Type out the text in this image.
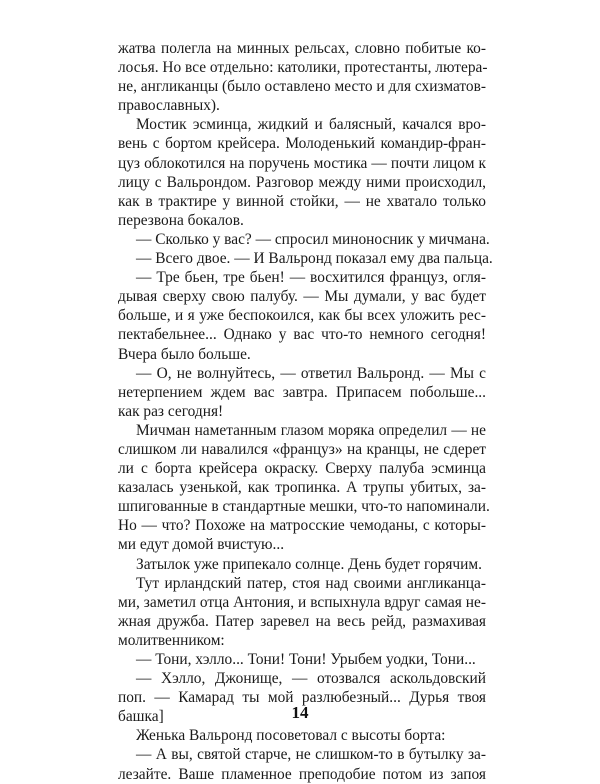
жатва полегла на минных рельсах, словно побитые ко-
лосья. Но все отдельно: католики, протестанты, лютера-
не, англиканцы (было оставлено место и для схизматов-
православных).
Мостик эсминца, жидкий и балясный, качался вро-
вень с бортом крейсера. Молоденький командир-фран-
цуз облокотился на поручень мостика — почти лицом к
лицу с Вальрондом. Разговор между ними происходил,
как в трактире у винной стойки, — не хватало только
перезвона бокалов.
— Сколько у вас? — спросил миноносник у мичмана.
— Всего двое. — И Вальронд показал ему два пальца.
— Тре бьен, тре бьен! — восхитился француз, огля-
дывая сверху свою палубу. — Мы думали, у вас будет
больше, и я уже беспокоился, как бы всех уложить рес-
пектабельнее... Однако у вас что-то немного сегодня!
Вчера было больше.
— О, не волнуйтесь, — ответил Вальронд. — Мы с
нетерпением ждем вас завтра. Припасем побольше...
как раз сегодня!
Мичман наметанным глазом моряка определил — не
слишком ли навалился «француз» на кранцы, не сдерет
ли с борта крейсера окраску. Сверху палуба эсминца
казалась узенькой, как тропинка. А трупы убитых, за-
шпигованные в стандартные мешки, что-то напоминали.
Но — что? Похоже на матросские чемоданы, с которы-
ми едут домой вчистую...
Затылок уже припекало солнце. День будет горячим.
Тут ирландский патер, стоя над своими англиканца-
ми, заметил отца Антония, и вспыхнула вдруг самая не-
жная дружба. Патер заревел на весь рейд, размахивая
молитвенником:
— Тони, хэлло... Тони! Тони! Урыбем уодки, Тони...
— Хэлло, Джонище, — отозвался аскольдовский
поп. — Камарад ты мой разлюбезный... Дурья твоя
башка]
Женька Вальронд посоветовал с высоты борта:
— А вы, святой старче, не слишком-то в бутылку за-
лезайте. Ваше пламенное преподобие потом из запоя
14
